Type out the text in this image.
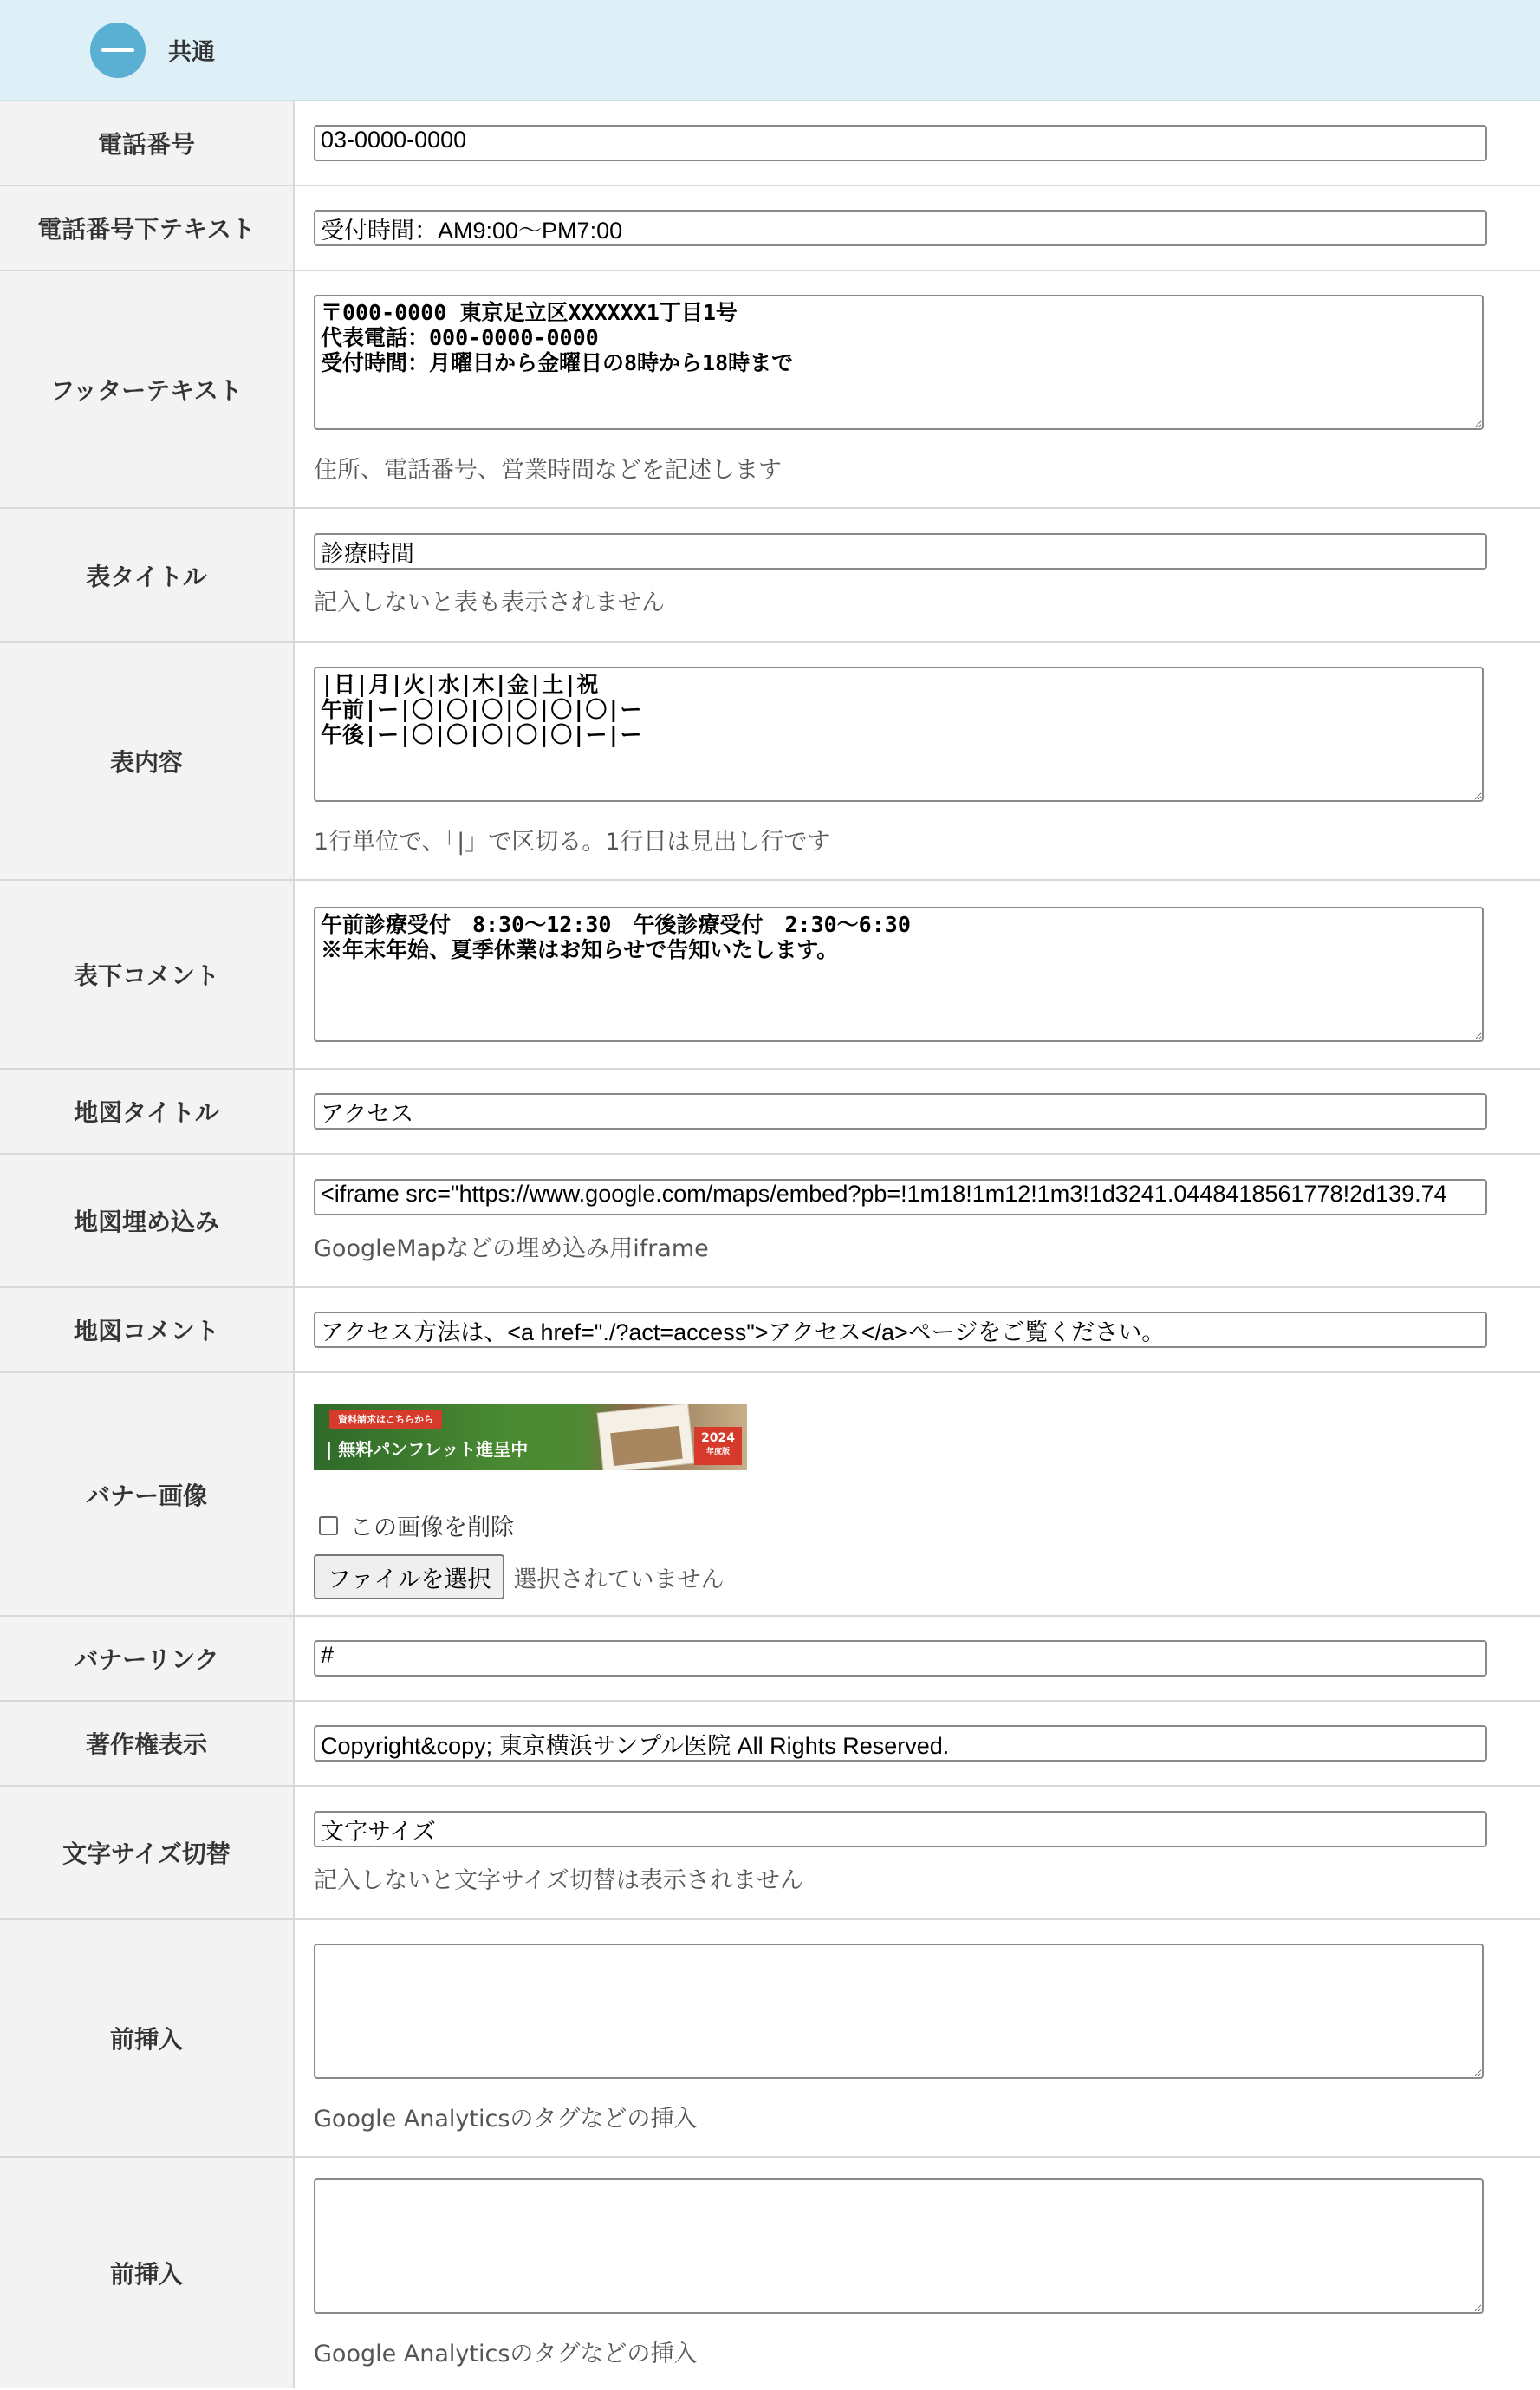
共通
電話番号	03-0000-0000
電話番号下テキスト	受付時間：AM9:00〜PM7:00
フッターテキスト
〒000-0000 東京足立区XXXXXX1丁目1号 代表電話：000-0000-0000 受付時間：月曜日から金曜日の8時から18時まで
住所、電話番号、営業時間などを記述します
表タイトル
診療時間
記入しないと表も表示されません
表内容
|日|月|火|水|木|金|土|祝 午前|ー|〇|〇|〇|〇|〇|〇|ー 午後|ー|〇|〇|〇|〇|〇|ー|ー
1行単位で、「|」で区切る。1行目は見出し行です
表下コメント
午前診療受付　8:30〜12:30　午後診療受付　2:30〜6:30 ※年末年始、夏季休業はお知らせで告知いたします。
地図タイトル	アクセス
地図埋め込み
<iframe src="https://www.google.com/maps/embed?pb=!1m18!1m12!1m3!1d3241.0448418561778!2d139.74
GoogleMapなどの埋め込み用iframe
地図コメント	アクセス方法は、<a href="./?act=access">アクセス</a>ページをご覧ください。
バナー画像
資料請求はこちらから
| 無料パンフレット進呈中
2024
年度版
この画像を削除
ファイルを選択 選択されていません
バナーリンク	#
著作権表示	Copyright&copy; 東京横浜サンプル医院 All Rights Reserved.
文字サイズ切替
文字サイズ
記入しないと文字サイズ切替は表示されません
前挿入
Google Analyticsのタグなどの挿入
前挿入
Google Analyticsのタグなどの挿入
